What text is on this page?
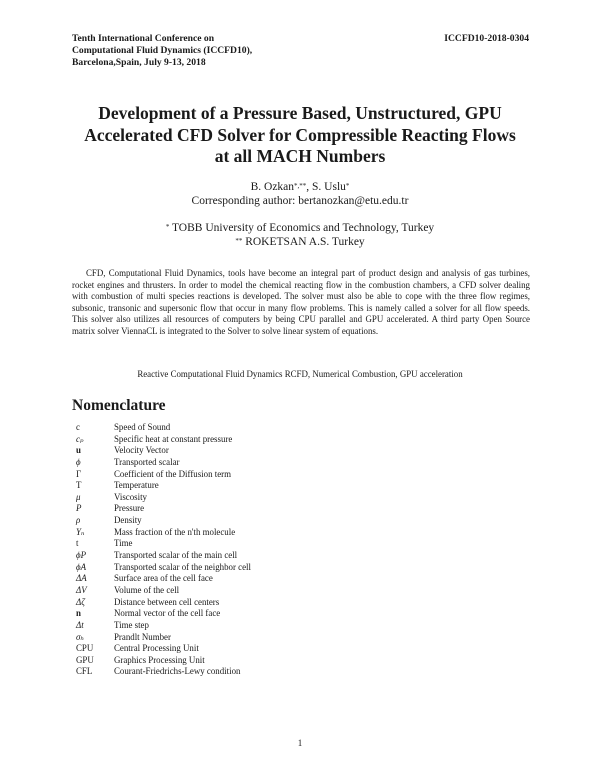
Tenth International Conference on
Computational Fluid Dynamics (ICCFD10),
Barcelona,Spain, July 9-13, 2018
ICCFD10-2018-0304
Development of a Pressure Based, Unstructured, GPU
Accelerated CFD Solver for Compressible Reacting Flows
at all MACH Numbers
B. Ozkan*,**, S. Uslu*
Corresponding author: bertanozkan@etu.edu.tr
* TOBB University of Economics and Technology, Turkey
** ROKETSAN A.S. Turkey
CFD, Computational Fluid Dynamics, tools have become an integral part of product design and analysis of gas turbines, rocket engines and thrusters. In order to model the chemical reacting flow in the combustion chambers, a CFD solver dealing with combustion of multi species reactions is developed. The solver must also be able to cope with the three flow regimes, subsonic, transonic and supersonic flow that occur in many flow problems. This is namely called a solver for all flow speeds. This solver also utilizes all resources of computers by being CPU parallel and GPU accelerated. A third party Open Source matrix solver ViennaCL is integrated to the Solver to solve linear system of equations.
Reactive Computational Fluid Dynamics RCFD, Numerical Combustion, GPU acceleration
Nomenclature
c	Speed of Sound
cₚ	Specific heat at constant pressure
u	Velocity Vector
ϕ	Transported scalar
Γ	Coefficient of the Diffusion term
T	Temperature
μ	Viscosity
P	Pressure
ρ	Density
Yₙ	Mass fraction of the n'th molecule
t	Time
ϕP	Transported scalar of the main cell
ϕA	Transported scalar of the neighbor cell
ΔA	Surface area of the cell face
ΔV	Volume of the cell
Δζ	Distance between cell centers
n	Normal vector of the cell face
Δt	Time step
σₕ	Prandlt Number
CPU Central Processing Unit
GPU Graphics Processing Unit
CFL Courant-Friedrichs-Lewy condition
1
